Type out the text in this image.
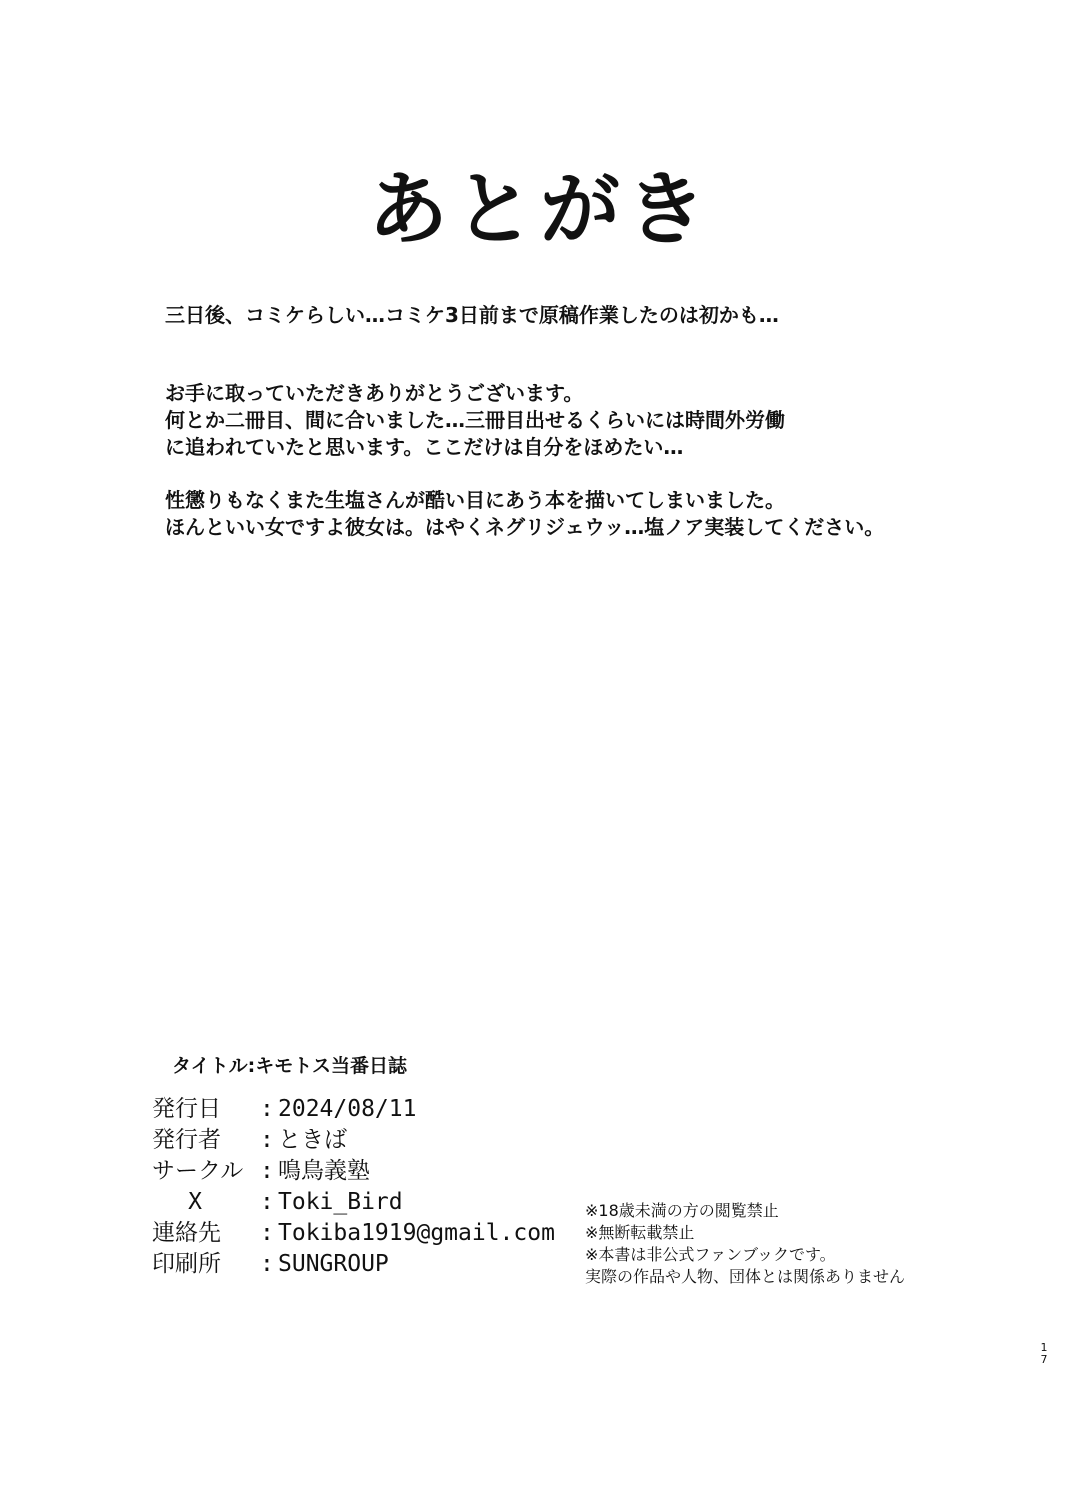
あとがき
三日後、コミケらしい…コミケ3日前まで原稿作業したのは初かも…
お手に取っていただきありがとうございます。
何とか二冊目、間に合いました…三冊目出せるくらいには時間外労働
に追われていたと思います。ここだけは自分をほめたい…
性懲りもなくまた生塩さんが酷い目にあう本を描いてしまいました。
ほんといい女ですよ彼女は。はやくネグリジェウッ…塩ノア実装してください。
タイトル:キモトス当番日誌
発行日	: 2024/08/11
発行者	: ときば
サークル : 鳴鳥義塾
X	: Toki_Bird
連絡先	: Tokiba1919@gmail.com
印刷所	: SUNGROUP
※18歳未満の方の閲覧禁止
※無断転載禁止
※本書は非公式ファンブックです。
実際の作品や人物、団体とは関係ありません
1
7
